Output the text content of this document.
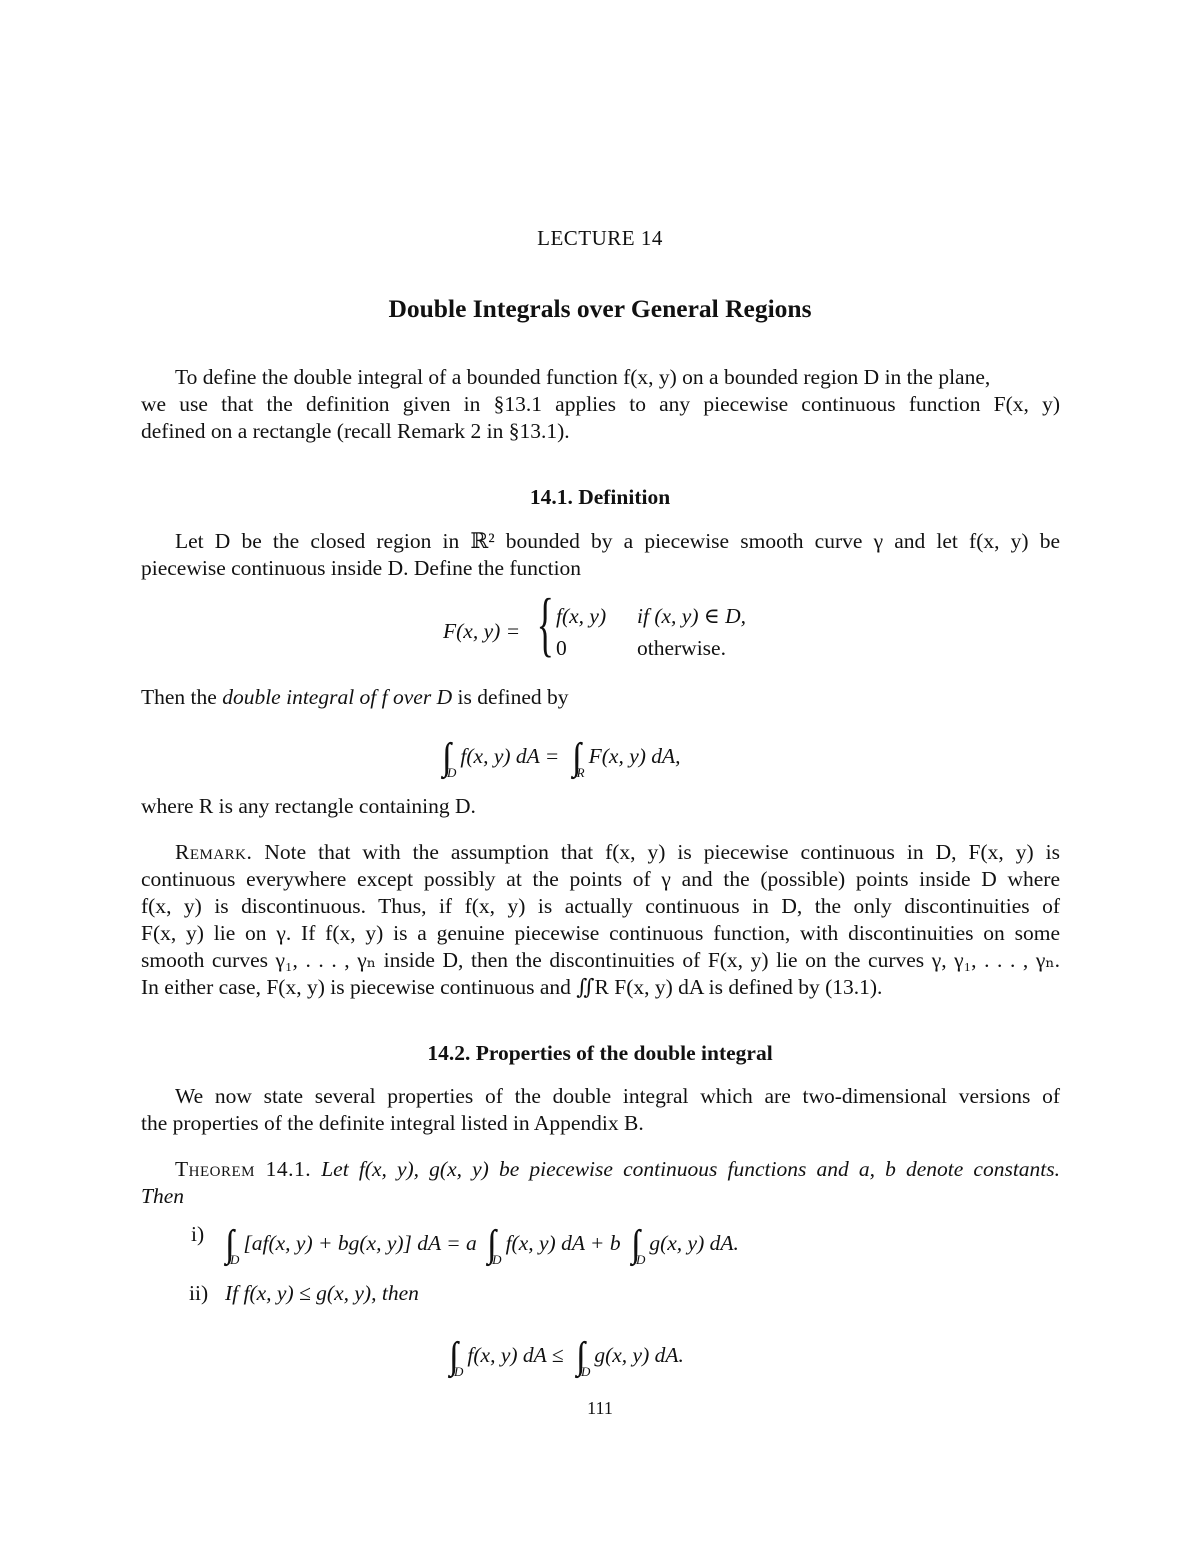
LECTURE 14
Double Integrals over General Regions
To define the double integral of a bounded function f(x, y) on a bounded region D in the plane,
we use that the definition given in §13.1 applies to any piecewise continuous function F(x, y)
defined on a rectangle (recall Remark 2 in §13.1).
14.1. Definition
Let D be the closed region in ℝ² bounded by a piecewise smooth curve γ and let f(x, y) be
piecewise continuous inside D. Define the function
F(x, y) = { f(x, y) if (x, y) ∈ D,
0	otherwise.
Then the double integral of f over D is defined by
$_D$f(x, y) dA = $_R$F(x, y) dA,
where R is any rectangle containing D.
Remark. Note that with the assumption that f(x, y) is piecewise continuous in D, F(x, y) is
continuous everywhere except possibly at the points of γ and the (possible) points inside D where
f(x, y) is discontinuous. Thus, if f(x, y) is actually continuous in D, the only discontinuities of
F(x, y) lie on γ. If f(x, y) is a genuine piecewise continuous function, with discontinuities on some
smooth curves γ₁, . . . , γₙ inside D, then the discontinuities of F(x, y) lie on the curves γ, γ₁, . . . , γₙ.
In either case, F(x, y) is piecewise continuous and ∬R F(x, y) dA is defined by (13.1).
14.2. Properties of the double integral
We now state several properties of the double integral which are two-dimensional versions of
the properties of the definite integral listed in Appendix B.
Theorem 14.1. Let f(x, y), g(x, y) be piecewise continuous functions and a, b denote constants.
Then
i)
$_D$[af(x, y) + bg(x, y)] dA = a $_D$f(x, y) dA + b $_D$g(x, y) dA.
ii) If f(x, y) ≤ g(x, y), then
$_D$f(x, y) dA ≤ $_D$g(x, y) dA.
111
